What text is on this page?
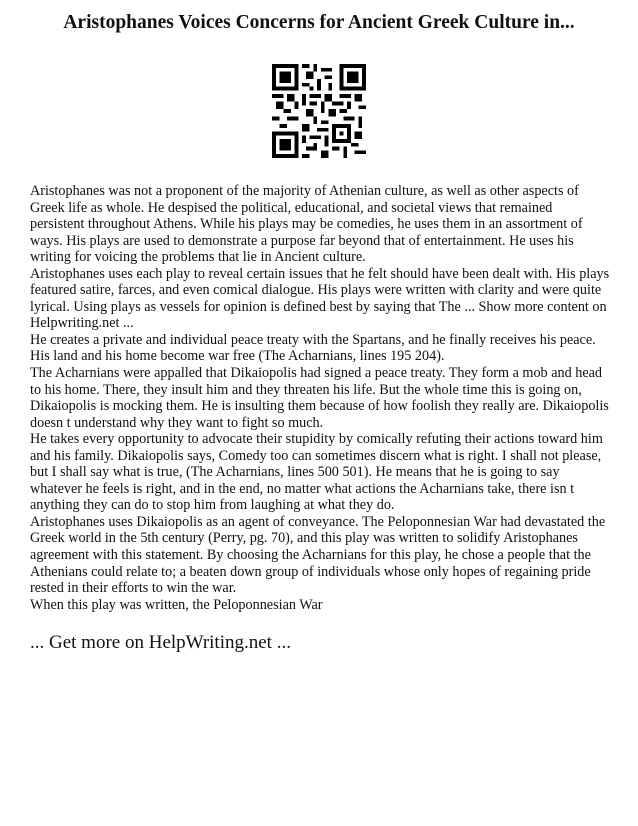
Aristophanes Voices Concerns for Ancient Greek Culture in...

Aristophanes was not a proponent of the majority of Athenian culture, as well as other aspects of Greek life as whole. He despised the political, educational, and societal views that remained persistent throughout Athens. While his plays may be comedies, he uses them in an assortment of ways. His plays are used to demonstrate a purpose far beyond that of entertainment. He uses his writing for voicing the problems that lie in Ancient culture.

Aristophanes uses each play to reveal certain issues that he felt should have been dealt with. His plays featured satire, farces, and even comical dialogue. His plays were written with clarity and were quite lyrical. Using plays as vessels for opinion is defined best by saying that The ... Show more content on Helpwriting.net ...

He creates a private and individual peace treaty with the Spartans, and he finally receives his peace. His land and his home become war free (The Acharnians, lines 195 204).

The Acharnians were appalled that Dikaiopolis had signed a peace treaty. They form a mob and head to his home. There, they insult him and they threaten his life. But the whole time this is going on, Dikaiopolis is mocking them. He is insulting them because of how foolish they really are. Dikaiopolis doesn t understand why they want to fight so much.

He takes every opportunity to advocate their stupidity by comically refuting their actions toward him and his family. Dikaiopolis says, Comedy too can sometimes discern what is right. I shall not please, but I shall say what is true, (The Acharnians, lines 500 501). He means that he is going to say whatever he feels is right, and in the end, no matter what actions the Acharnians take, there isn t anything they can do to stop him from laughing at what they do.

Aristophanes uses Dikaiopolis as an agent of conveyance. The Peloponnesian War had devastated the Greek world in the 5th century (Perry, pg. 70), and this play was written to solidify Aristophanes agreement with this statement. By choosing the Acharnians for this play, he chose a people that the Athenians could relate to; a beaten down group of individuals whose only hopes of regaining pride rested in their efforts to win the war.

When this play was written, the Peloponnesian War

... Get more on HelpWriting.net ...
